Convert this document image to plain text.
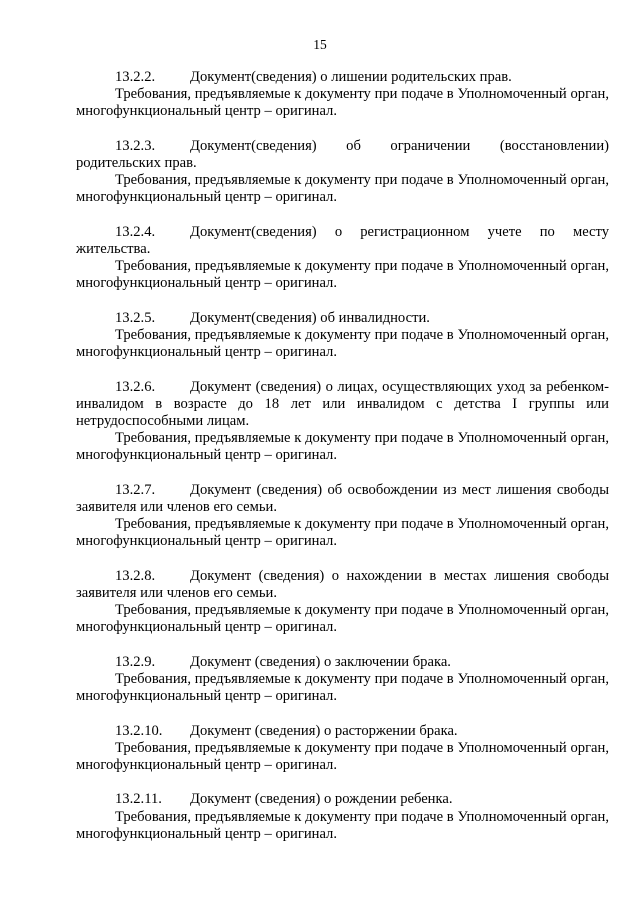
15

13.2.2. Документ(сведения) о лишении родительских прав.

Требования, предъявляемые к документу при подаче в Уполномоченный орган, многофункциональный центр – оригинал.

13.2.3. Документ(сведения) об ограничении (восстановлении) родительских прав.

Требования, предъявляемые к документу при подаче в Уполномоченный орган, многофункциональный центр – оригинал.

13.2.4. Документ(сведения) о регистрационном учете по месту жительства.

Требования, предъявляемые к документу при подаче в Уполномоченный орган, многофункциональный центр – оригинал.

13.2.5. Документ(сведения) об инвалидности.

Требования, предъявляемые к документу при подаче в Уполномоченный орган, многофункциональный центр – оригинал.

13.2.6. Документ (сведения) о лицах, осуществляющих уход за ребенком-инвалидом в возрасте до 18 лет или инвалидом с детства I группы или нетрудоспособными лицам.

Требования, предъявляемые к документу при подаче в Уполномоченный орган, многофункциональный центр – оригинал.

13.2.7. Документ (сведения) об освобождении из мест лишения свободы заявителя или членов его семьи.

Требования, предъявляемые к документу при подаче в Уполномоченный орган, многофункциональный центр – оригинал.

13.2.8. Документ (сведения) о нахождении в местах лишения свободы заявителя или членов его семьи.

Требования, предъявляемые к документу при подаче в Уполномоченный орган, многофункциональный центр – оригинал.

13.2.9. Документ (сведения) о заключении брака.

Требования, предъявляемые к документу при подаче в Уполномоченный орган, многофункциональный центр – оригинал.

13.2.10. Документ (сведения) о расторжении брака.

Требования, предъявляемые к документу при подаче в Уполномоченный орган, многофункциональный центр – оригинал.

13.2.11. Документ (сведения) о рождении ребенка.

Требования, предъявляемые к документу при подаче в Уполномоченный орган, многофункциональный центр – оригинал.
